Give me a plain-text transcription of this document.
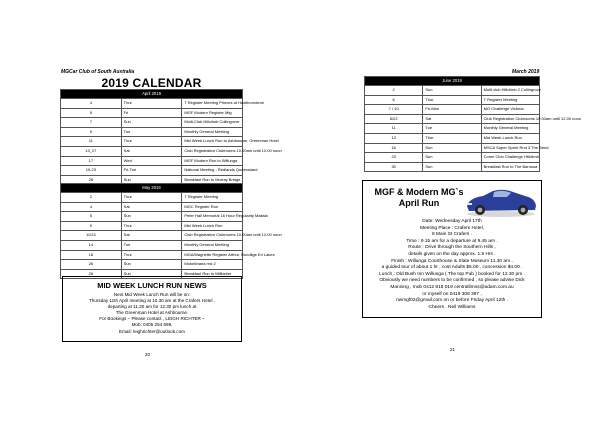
MGCar Club of South Australia	March 2019
2019 CALENDAR
April 2019		
4	Thur	T Register Meeting Princes at Hawthorndene
5	Fri	MGF Modern Register Mtg
7	Sun	Multi-Club Hillclimb Collingrove
9	Tue	Monthly General Meeting
11	Thur	Mid Week Lunch Run to Ashbourne, Greenman Hotel
13_27	Sat	Club Registration Clubrooms 10.00am until 12.00 noon
17	Wed	MGF Modern Run to Willunga
19-23	Fri-Tue	National Meeting - Redlands Queensland
28	Sun	Breakfast Run to Murray Bridge
May 2019		
2	Thur	T Register Meeting
4	Sat	MGC Register Run
5	Sun	Peter Hall Memorial 16 Hour Regularity Mallala
9	Thur	Mid Week Lunch Run
11/24	Sat	Club Registration Clubrooms 10.00am until 12.00 noon
14	Tue	Monthly General Meeting
18	Thur	MGA/Magnette Register Arthur, Rundlige Eri Lakes
26	Sun	Motorkhana rnd 2
26	Sun	Breakfast Run to MtBarker
MID WEEK LUNCH RUN NEWS
Next Mid Week Lunch Run will be on:
Thursday 11th April meeting at 10.30 am at the Crafers Hotel ,
departing at 11.30 am for 12.30 pm lunch at
The Greenman Hotel at Ashbourne.
For Bookings – Please contact , LEIGH RICHTER –
Mob: 0405 254 699,
Email: leighrichter@outlook.com
20
June 2019		
2	Sun	Multi club Hillclimb 2 Collingrove
6	Thur	T Register Meeting
7 / 10	Fri-Mon	MG Challenge Victoria
8/22	Sat	Club Registration Clubrooms 10.00am until 12.00 noon
11	Tue	Monthly General Meeting
13	Thur	Mid Week Lunch Run
16	Sun	MSCA Super Sprint Rnd 3 The Bend
23	Sun	Come Club Challenge Hillclimb
30	Sun	Breakfast Run to The Barossa
MGF & Modern MG`s
April Run
Date: Wednesday April 17th
Meeting Place : Crafers Hotel,
8 Main St Crafers .
Time : 9.15 am for a departure at 9.45 am .
Route : Drive through the Southern Hills ,
details given on the day approx. 1.5 Hrs .
Finish : Willunga Courthouse & Slate Museum 11.30 am ,
a guided tour of about 1 hr , cost Adults $5.00 , concession $4.00 .
Lunch : Old Bush Inn Willunga ( The top Pub ) booked for 12.30 pm .
Obviously we need numbers to be confirmed , so please advise Dick
Manning , mob 0412 818 019 centralilmos@adam.com.au
or myself on 0419 308 397 ,
nwmgf02@gmail.com on or before Friday April 12th .
Cheers . Neil Williams
21
